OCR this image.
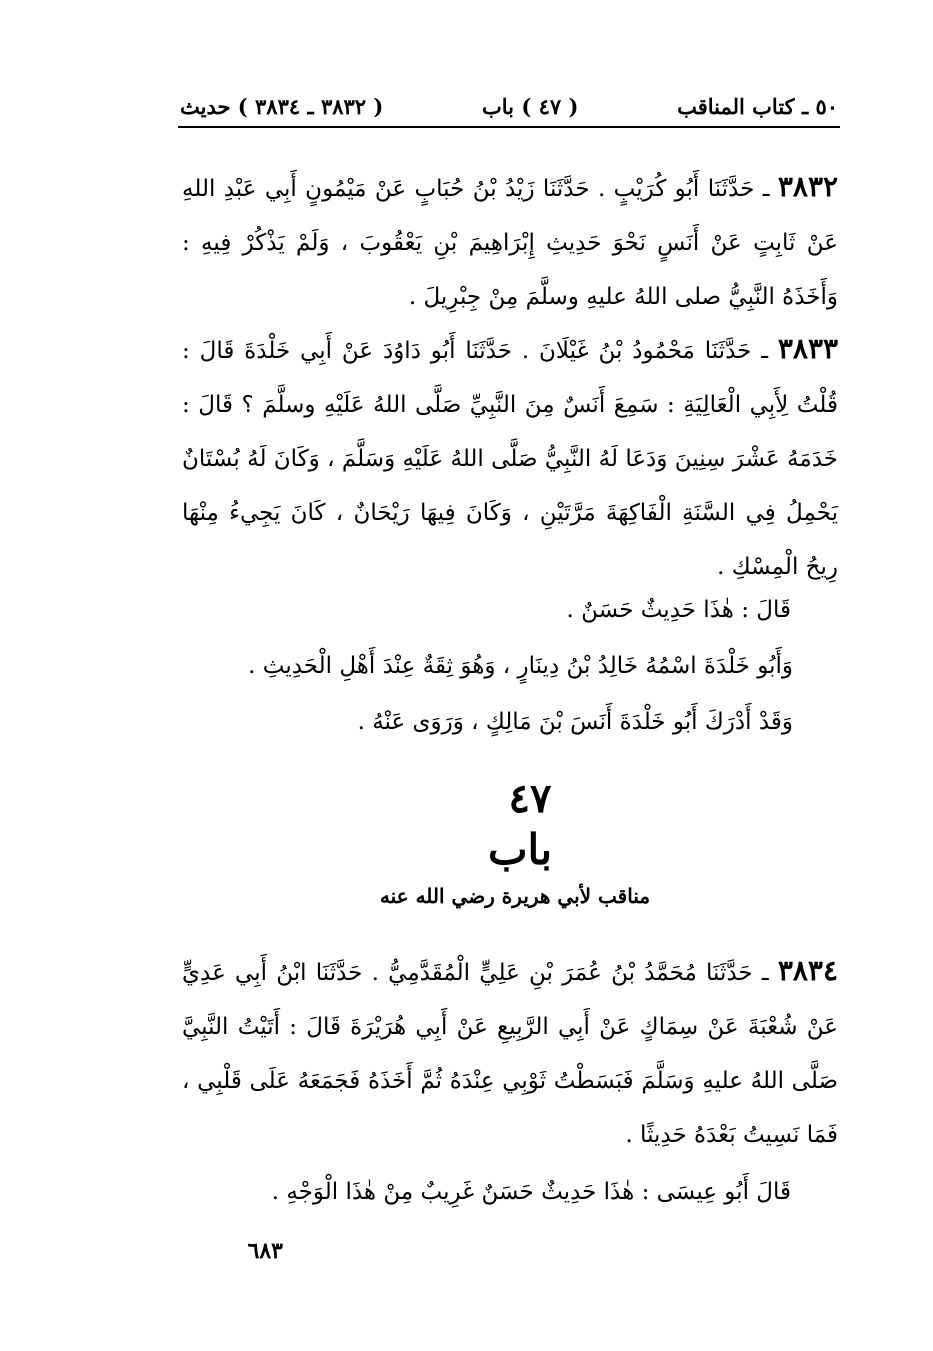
٥٠ ـ كتاب المناقب
( ٤٧ ) باب
( ٣٨٣٢ ـ ٣٨٣٤ ) حديث

٣٨٣٢ ـ حَدَّثَنَا أَبُو كُرَيْبٍ . حَدَّثَنَا زَيْدُ بْنُ حُبَابٍ عَنْ مَيْمُونٍ أَبِي عَبْدِ اللهِ عَنْ ثَابِتٍ عَنْ أَنَسٍ نَحْوَ حَدِيثِ إِبْرَاهِيمَ بْنِ يَعْقُوبَ ، وَلَمْ يَذْكُرْ فِيهِ : وَأَخَذَهُ النَّبِيُّ صلى اللهُ عليهِ وسلَّمَ مِنْ جِبْرِيلَ .

٣٨٣٣ ـ حَدَّثَنَا مَحْمُودُ بْنُ غَيْلَانَ . حَدَّثَنَا أَبُو دَاوُدَ عَنْ أَبِي خَلْدَةَ قَالَ : قُلْتُ لِأَبِي الْعَالِيَةِ : سَمِعَ أَنَسٌ مِنَ النَّبِيِّ صَلَّى اللهُ عَلَيْهِ وسلَّمَ ؟ قَالَ : خَدَمَهُ عَشْرَ سِنِينَ وَدَعَا لَهُ النَّبِيُّ صَلَّى اللهُ عَلَيْهِ وَسَلَّمَ ، وَكَانَ لَهُ بُسْتَانٌ يَحْمِلُ فِي السَّنَةِ الْفَاكِهَةَ مَرَّتَيْنِ ، وَكَانَ فِيهَا رَيْحَانٌ ، كَانَ يَجِيءُ مِنْهَا رِيحُ الْمِسْكِ .

قَالَ : هٰذَا حَدِيثٌ حَسَنٌ .

وَأَبُو خَلْدَةَ اسْمُهُ خَالِدُ بْنُ دِينَارٍ ، وَهُوَ ثِقَةٌ عِنْدَ أَهْلِ الْحَدِيثِ .

وَقَدْ أَدْرَكَ أَبُو خَلْدَةَ أَنَسَ بْنَ مَالِكٍ ، وَرَوَى عَنْهُ .

٤٧
باب
مناقب لأبي هريرة رضي الله عنه

٣٨٣٤ ـ حَدَّثَنَا مُحَمَّدُ بْنُ عُمَرَ بْنِ عَلِيٍّ الْمُقَدَّمِيُّ . حَدَّثَنَا ابْنُ أَبِي عَدِيٍّ عَنْ شُعْبَةَ عَنْ سِمَاكٍ عَنْ أَبِي الرَّبِيعِ عَنْ أَبِي هُرَيْرَةَ قَالَ : أَتَيْتُ النَّبِيَّ صَلَّى اللهُ عليهِ وَسَلَّمَ فَبَسَطْتُ ثَوْبِي عِنْدَهُ ثُمَّ أَخَذَهُ فَجَمَعَهُ عَلَى قَلْبِي ، فَمَا نَسِيتُ بَعْدَهُ حَدِيثًا .

قَالَ أَبُو عِيسَى : هٰذَا حَدِيثٌ حَسَنٌ غَرِيبٌ مِنْ هٰذَا الْوَجْهِ .

٦٨٣
